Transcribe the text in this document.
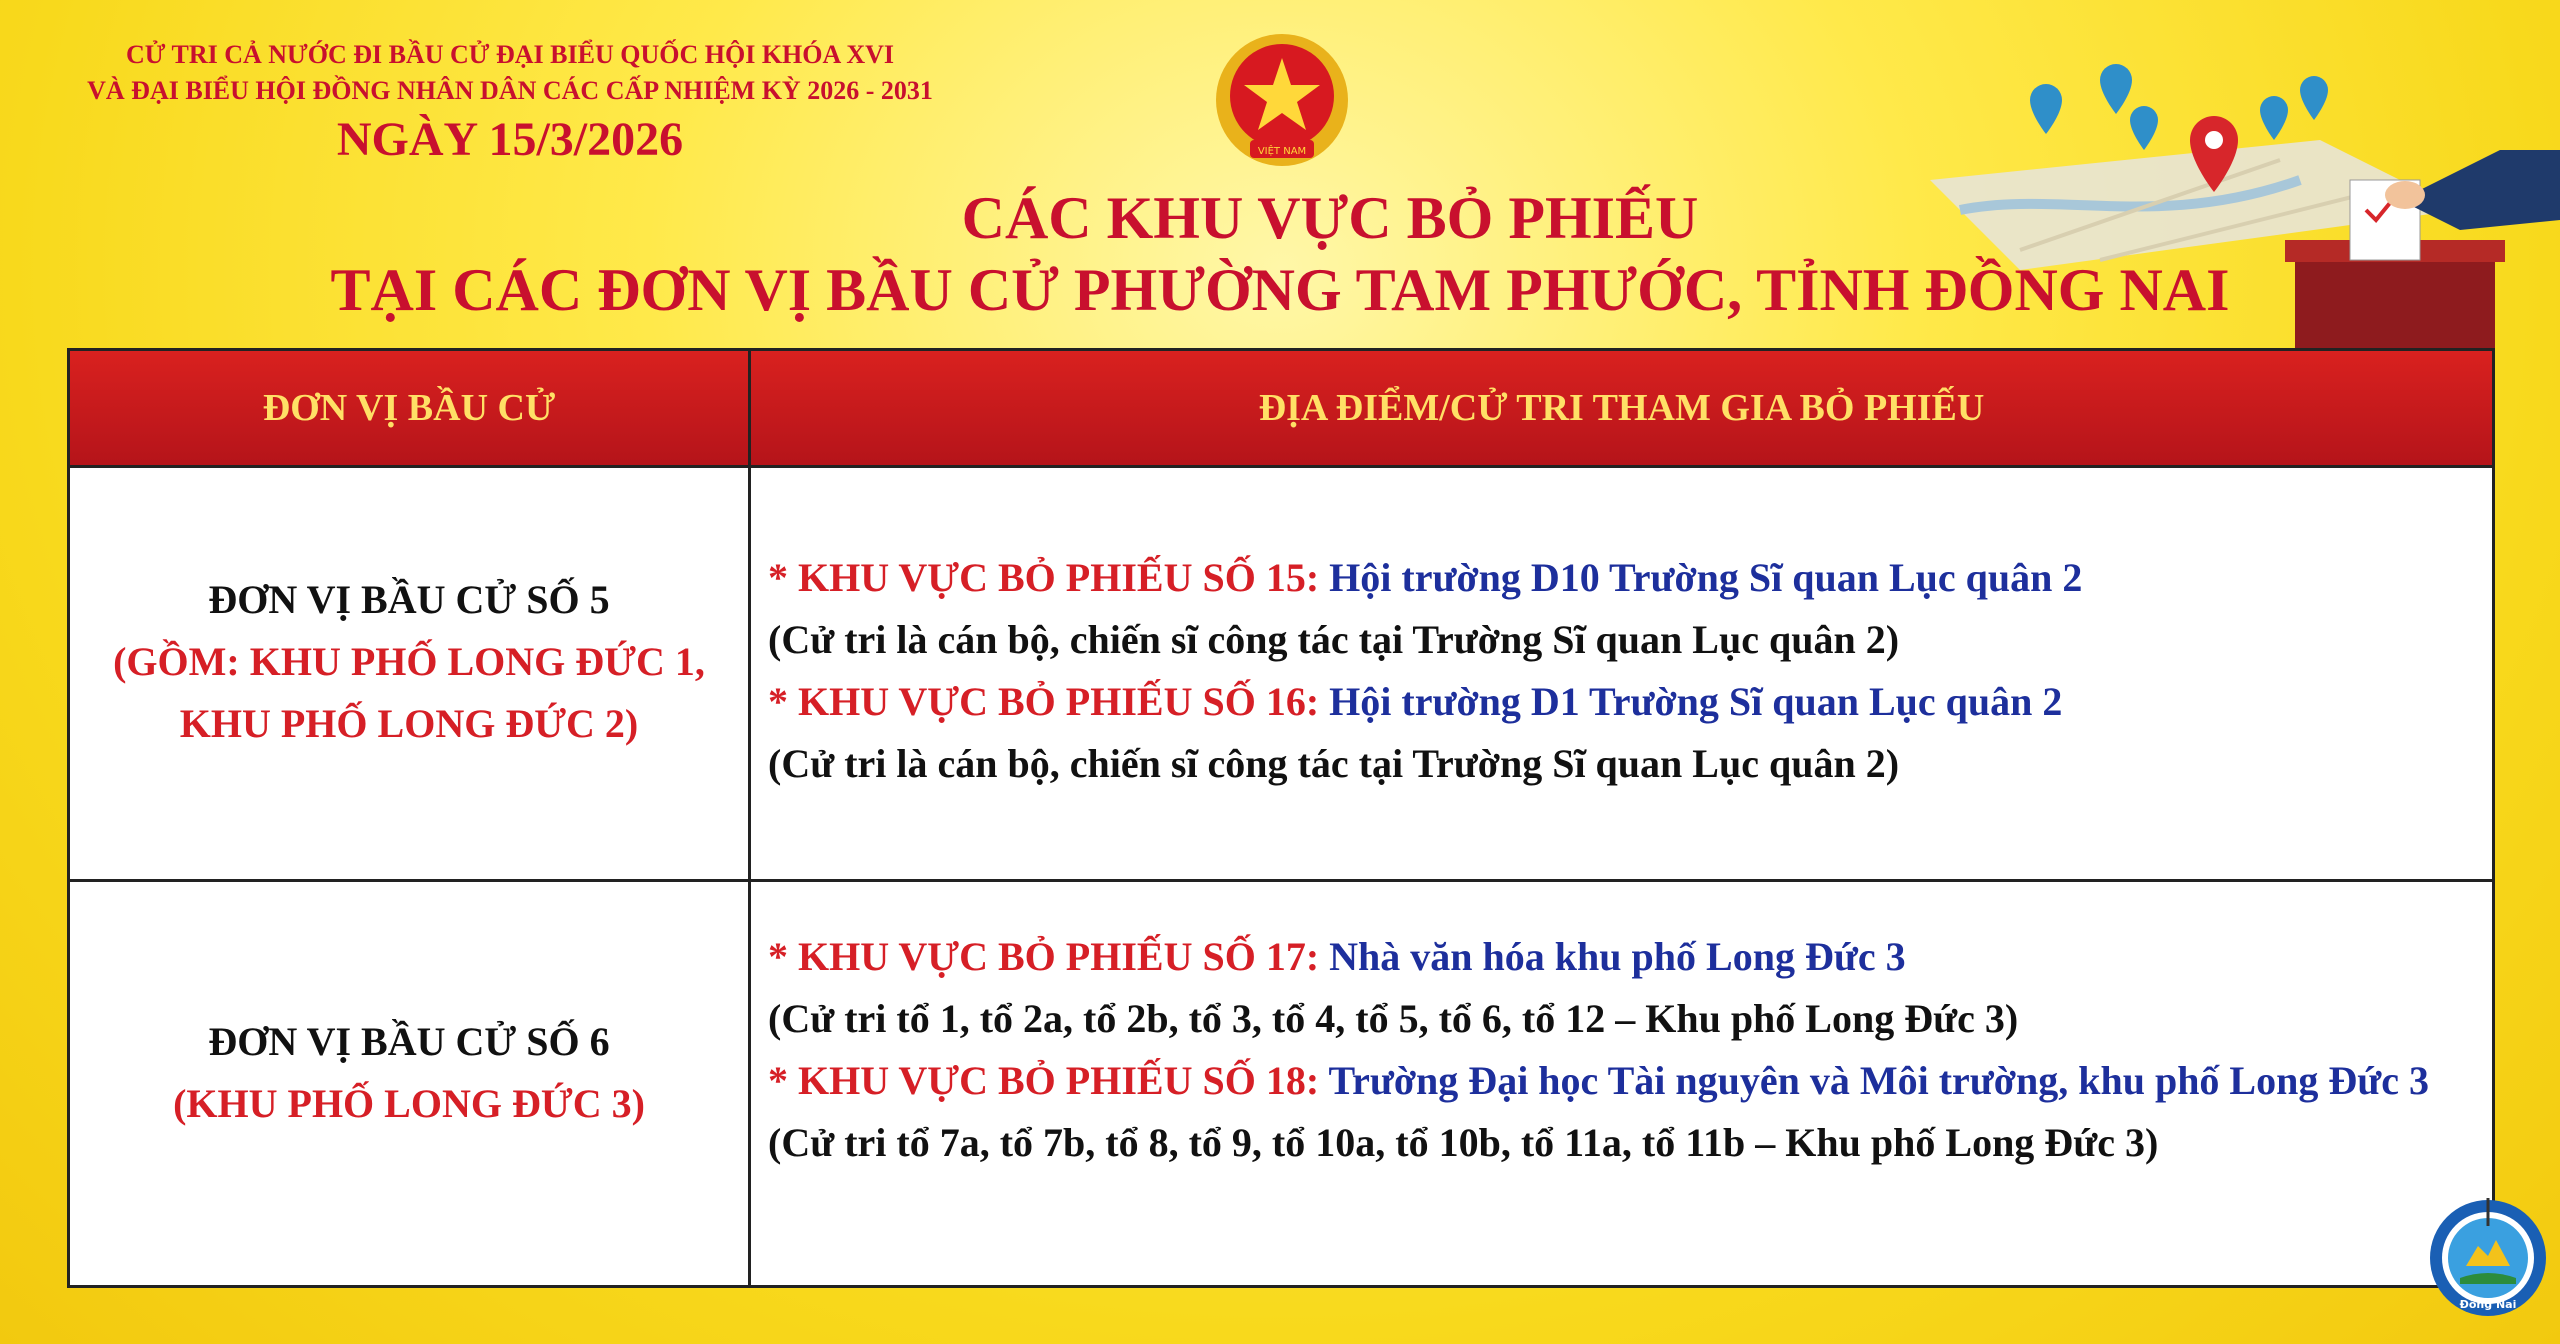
CỬ TRI CẢ NƯỚC ĐI BẦU CỬ ĐẠI BIỂU QUỐC HỘI KHÓA XVI
VÀ ĐẠI BIỂU HỘI ĐỒNG NHÂN DÂN CÁC CẤP NHIỆM KỲ 2026 - 2031
NGÀY 15/3/2026	VIỆT NAM
CÁC KHU VỰC BỎ PHIẾU
TẠI CÁC ĐƠN VỊ BẦU CỬ PHƯỜNG TAM PHƯỚC, TỈNH ĐỒNG NAI
ĐƠN VỊ BẦU CỬ	ĐỊA ĐIỂM/CỬ TRI THAM GIA BỎ PHIẾU
ĐƠN VỊ BẦU CỬ SỐ 5
(GỒM: KHU PHỐ LONG ĐỨC 1,
KHU PHỐ LONG ĐỨC 2)
* KHU VỰC BỎ PHIẾU SỐ 15: Hội trường D10 Trường Sĩ quan Lục quân 2
(Cử tri là cán bộ, chiến sĩ công tác tại Trường Sĩ quan Lục quân 2)
* KHU VỰC BỎ PHIẾU SỐ 16: Hội trường D1 Trường Sĩ quan Lục quân 2
(Cử tri là cán bộ, chiến sĩ công tác tại Trường Sĩ quan Lục quân 2)
ĐƠN VỊ BẦU CỬ SỐ 6
(KHU PHỐ LONG ĐỨC 3)
* KHU VỰC BỎ PHIẾU SỐ 17: Nhà văn hóa khu phố Long Đức 3
(Cử tri tổ 1, tổ 2a, tổ 2b, tổ 3, tổ 4, tổ 5, tổ 6, tổ 12 – Khu phố Long Đức 3)
* KHU VỰC BỎ PHIẾU SỐ 18: Trường Đại học Tài nguyên và Môi trường, khu phố Long Đức 3
(Cử tri tổ 7a, tổ 7b, tổ 8, tổ 9, tổ 10a, tổ 10b, tổ 11a, tổ 11b – Khu phố Long Đức 3)
Đồng Nai
